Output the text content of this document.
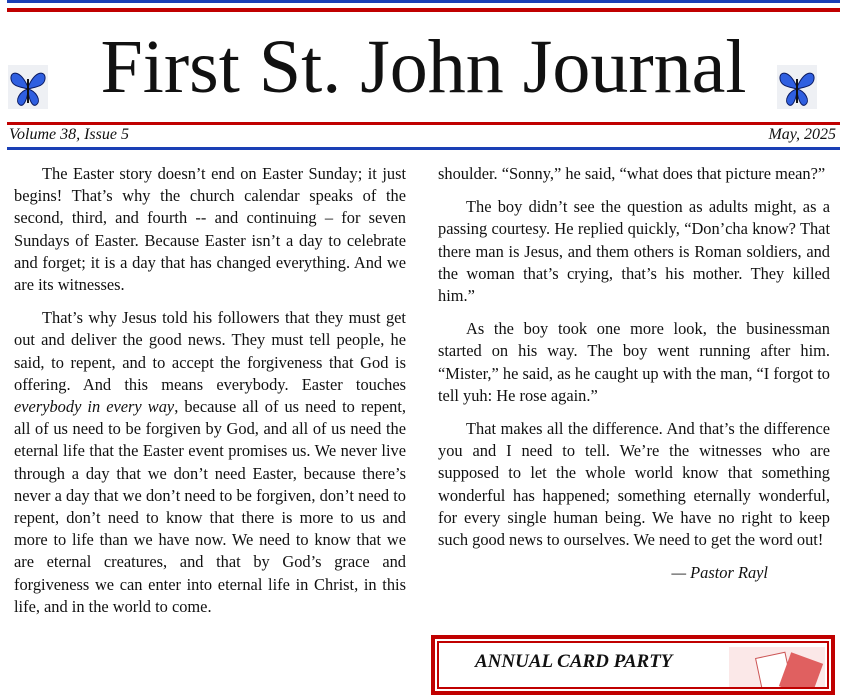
First St. John Journal
Volume 38, Issue 5	May, 2025

The Easter story doesn’t end on Easter Sunday; it just begins! That’s why the church calendar speaks of the second, third, and fourth -- and continuing – for seven Sundays of Easter. Because Easter isn’t a day to celebrate and forget; it is a day that has changed everything. And we are its witnesses.

That’s why Jesus told his followers that they must get out and deliver the good news. They must tell people, he said, to repent, and to accept the forgiveness that God is offering. And this means everybody. Easter touches everybody in every way, because all of us need to repent, all of us need to be forgiven by God, and all of us need the eternal life that the Easter event promises us. We never live through a day that we don’t need Easter, because there’s never a day that we don’t need to be forgiven, don’t need to repent, don’t need to know that there is more to us and more to life than we have now. We need to know that we are eternal creatures, and that by God’s grace and forgiveness we can enter into eternal life in Christ, in this life, and in the world to come.

shoulder. “Sonny,” he said, “what does that picture mean?”

The boy didn’t see the question as adults might, as a passing courtesy. He replied quickly, “Don’cha know? That there man is Jesus, and them others is Roman soldiers, and the woman that’s crying, that’s his mother. They killed him.”

As the boy took one more look, the businessman started on his way. The boy went running after him. “Mister,” he said, as he caught up with the man, “I forgot to tell yuh: He rose again.”

That makes all the difference. And that’s the difference you and I need to tell. We’re the witnesses who are supposed to let the whole world know that something wonderful has happened; something eternally wonderful, for every single human being. We have no right to keep such good news to ourselves. We need to get the word out!

— Pastor Rayl

ANNUAL CARD PARTY
